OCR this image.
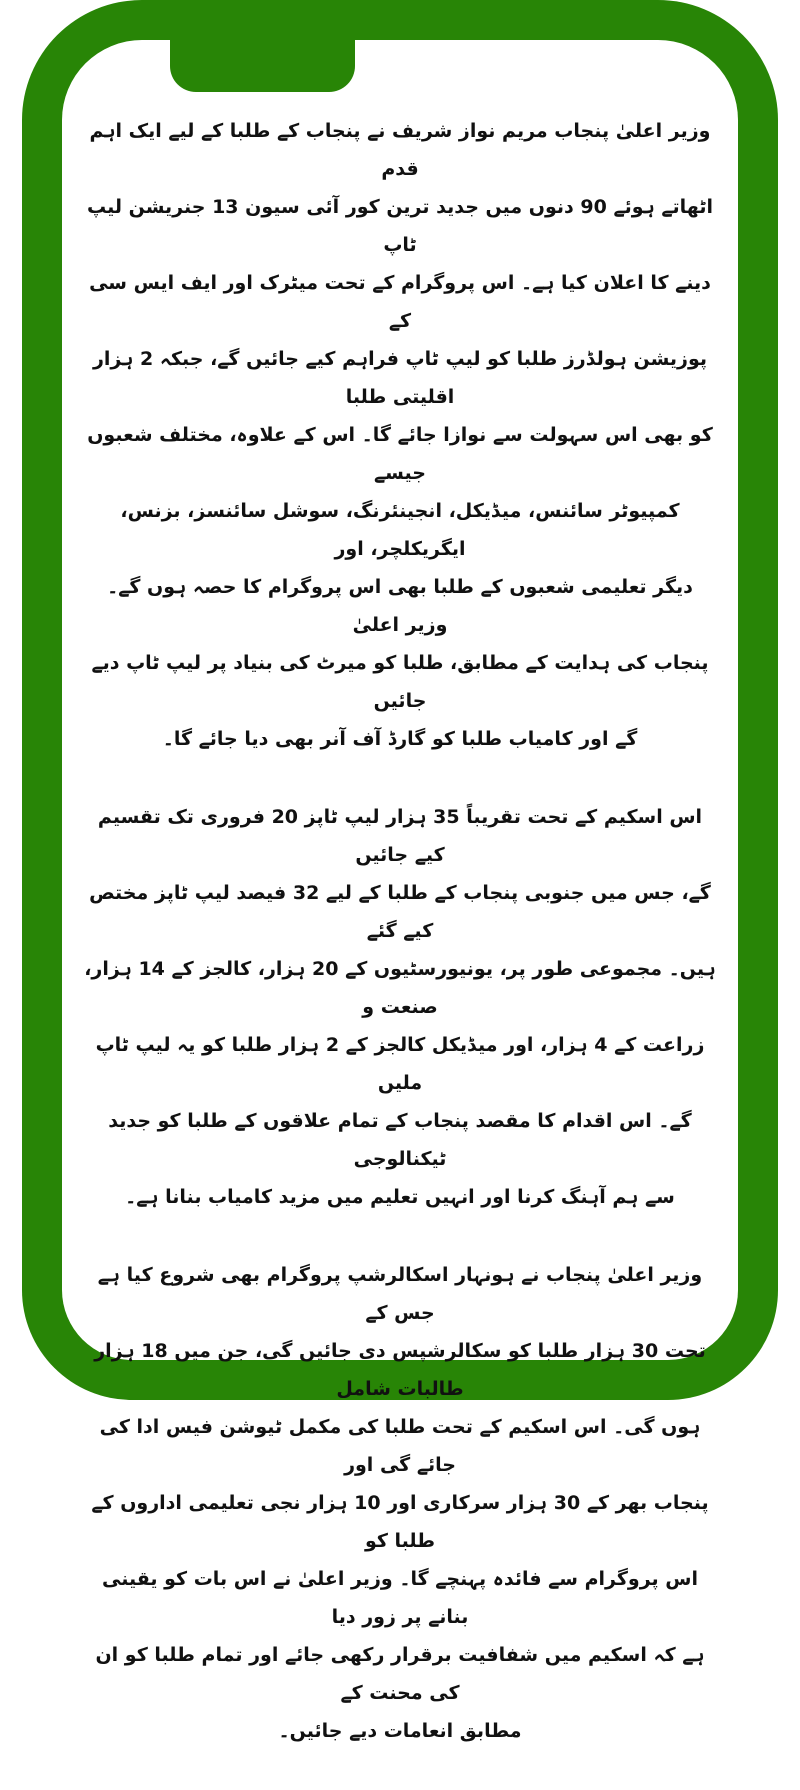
وزیر اعلیٰ پنجاب مریم نواز شریف نے پنجاب کے طلبا کے لیے ایک اہم قدم
اٹھاتے ہوئے 90 دنوں میں جدید ترین کور آئی سیون 13 جنریشن لیپ ٹاپ
دینے کا اعلان کیا ہے۔ اس پروگرام کے تحت میٹرک اور ایف ایس سی کے
پوزیشن ہولڈرز طلبا کو لیپ ٹاپ فراہم کیے جائیں گے، جبکہ 2 ہزار اقلیتی طلبا
کو بھی اس سہولت سے نوازا جائے گا۔ اس کے علاوہ، مختلف شعبوں جیسے
کمپیوٹر سائنس، میڈیکل، انجینئرنگ، سوشل سائنسز، بزنس، ایگریکلچر، اور
دیگر تعلیمی شعبوں کے طلبا بھی اس پروگرام کا حصہ ہوں گے۔ وزیر اعلیٰ
پنجاب کی ہدایت کے مطابق، طلبا کو میرٹ کی بنیاد پر لیپ ٹاپ دیے جائیں
گے اور کامیاب طلبا کو گارڈ آف آنر بھی دیا جائے گا۔
اس اسکیم کے تحت تقریباً 35 ہزار لیپ ٹاپز 20 فروری تک تقسیم کیے جائیں
گے، جس میں جنوبی پنجاب کے طلبا کے لیے 32 فیصد لیپ ٹاپز مختص کیے گئے
ہیں۔ مجموعی طور پر، یونیورسٹیوں کے 20 ہزار، کالجز کے 14 ہزار، صنعت و
زراعت کے 4 ہزار، اور میڈیکل کالجز کے 2 ہزار طلبا کو یہ لیپ ٹاپ ملیں
گے۔ اس اقدام کا مقصد پنجاب کے تمام علاقوں کے طلبا کو جدید ٹیکنالوجی
سے ہم آہنگ کرنا اور انہیں تعلیم میں مزید کامیاب بنانا ہے۔
وزیر اعلیٰ پنجاب نے ہونہار اسکالرشپ پروگرام بھی شروع کیا ہے جس کے
تحت 30 ہزار طلبا کو سکالرشپس دی جائیں گی، جن میں 18 ہزار طالبات شامل
ہوں گی۔ اس اسکیم کے تحت طلبا کی مکمل ٹیوشن فیس ادا کی جائے گی اور
پنجاب بھر کے 30 ہزار سرکاری اور 10 ہزار نجی تعلیمی اداروں کے طلبا کو
اس پروگرام سے فائدہ پہنچے گا۔ وزیر اعلیٰ نے اس بات کو یقینی بنانے پر زور دیا
ہے کہ اسکیم میں شفافیت برقرار رکھی جائے اور تمام طلبا کو ان کی محنت کے
مطابق انعامات دیے جائیں۔
